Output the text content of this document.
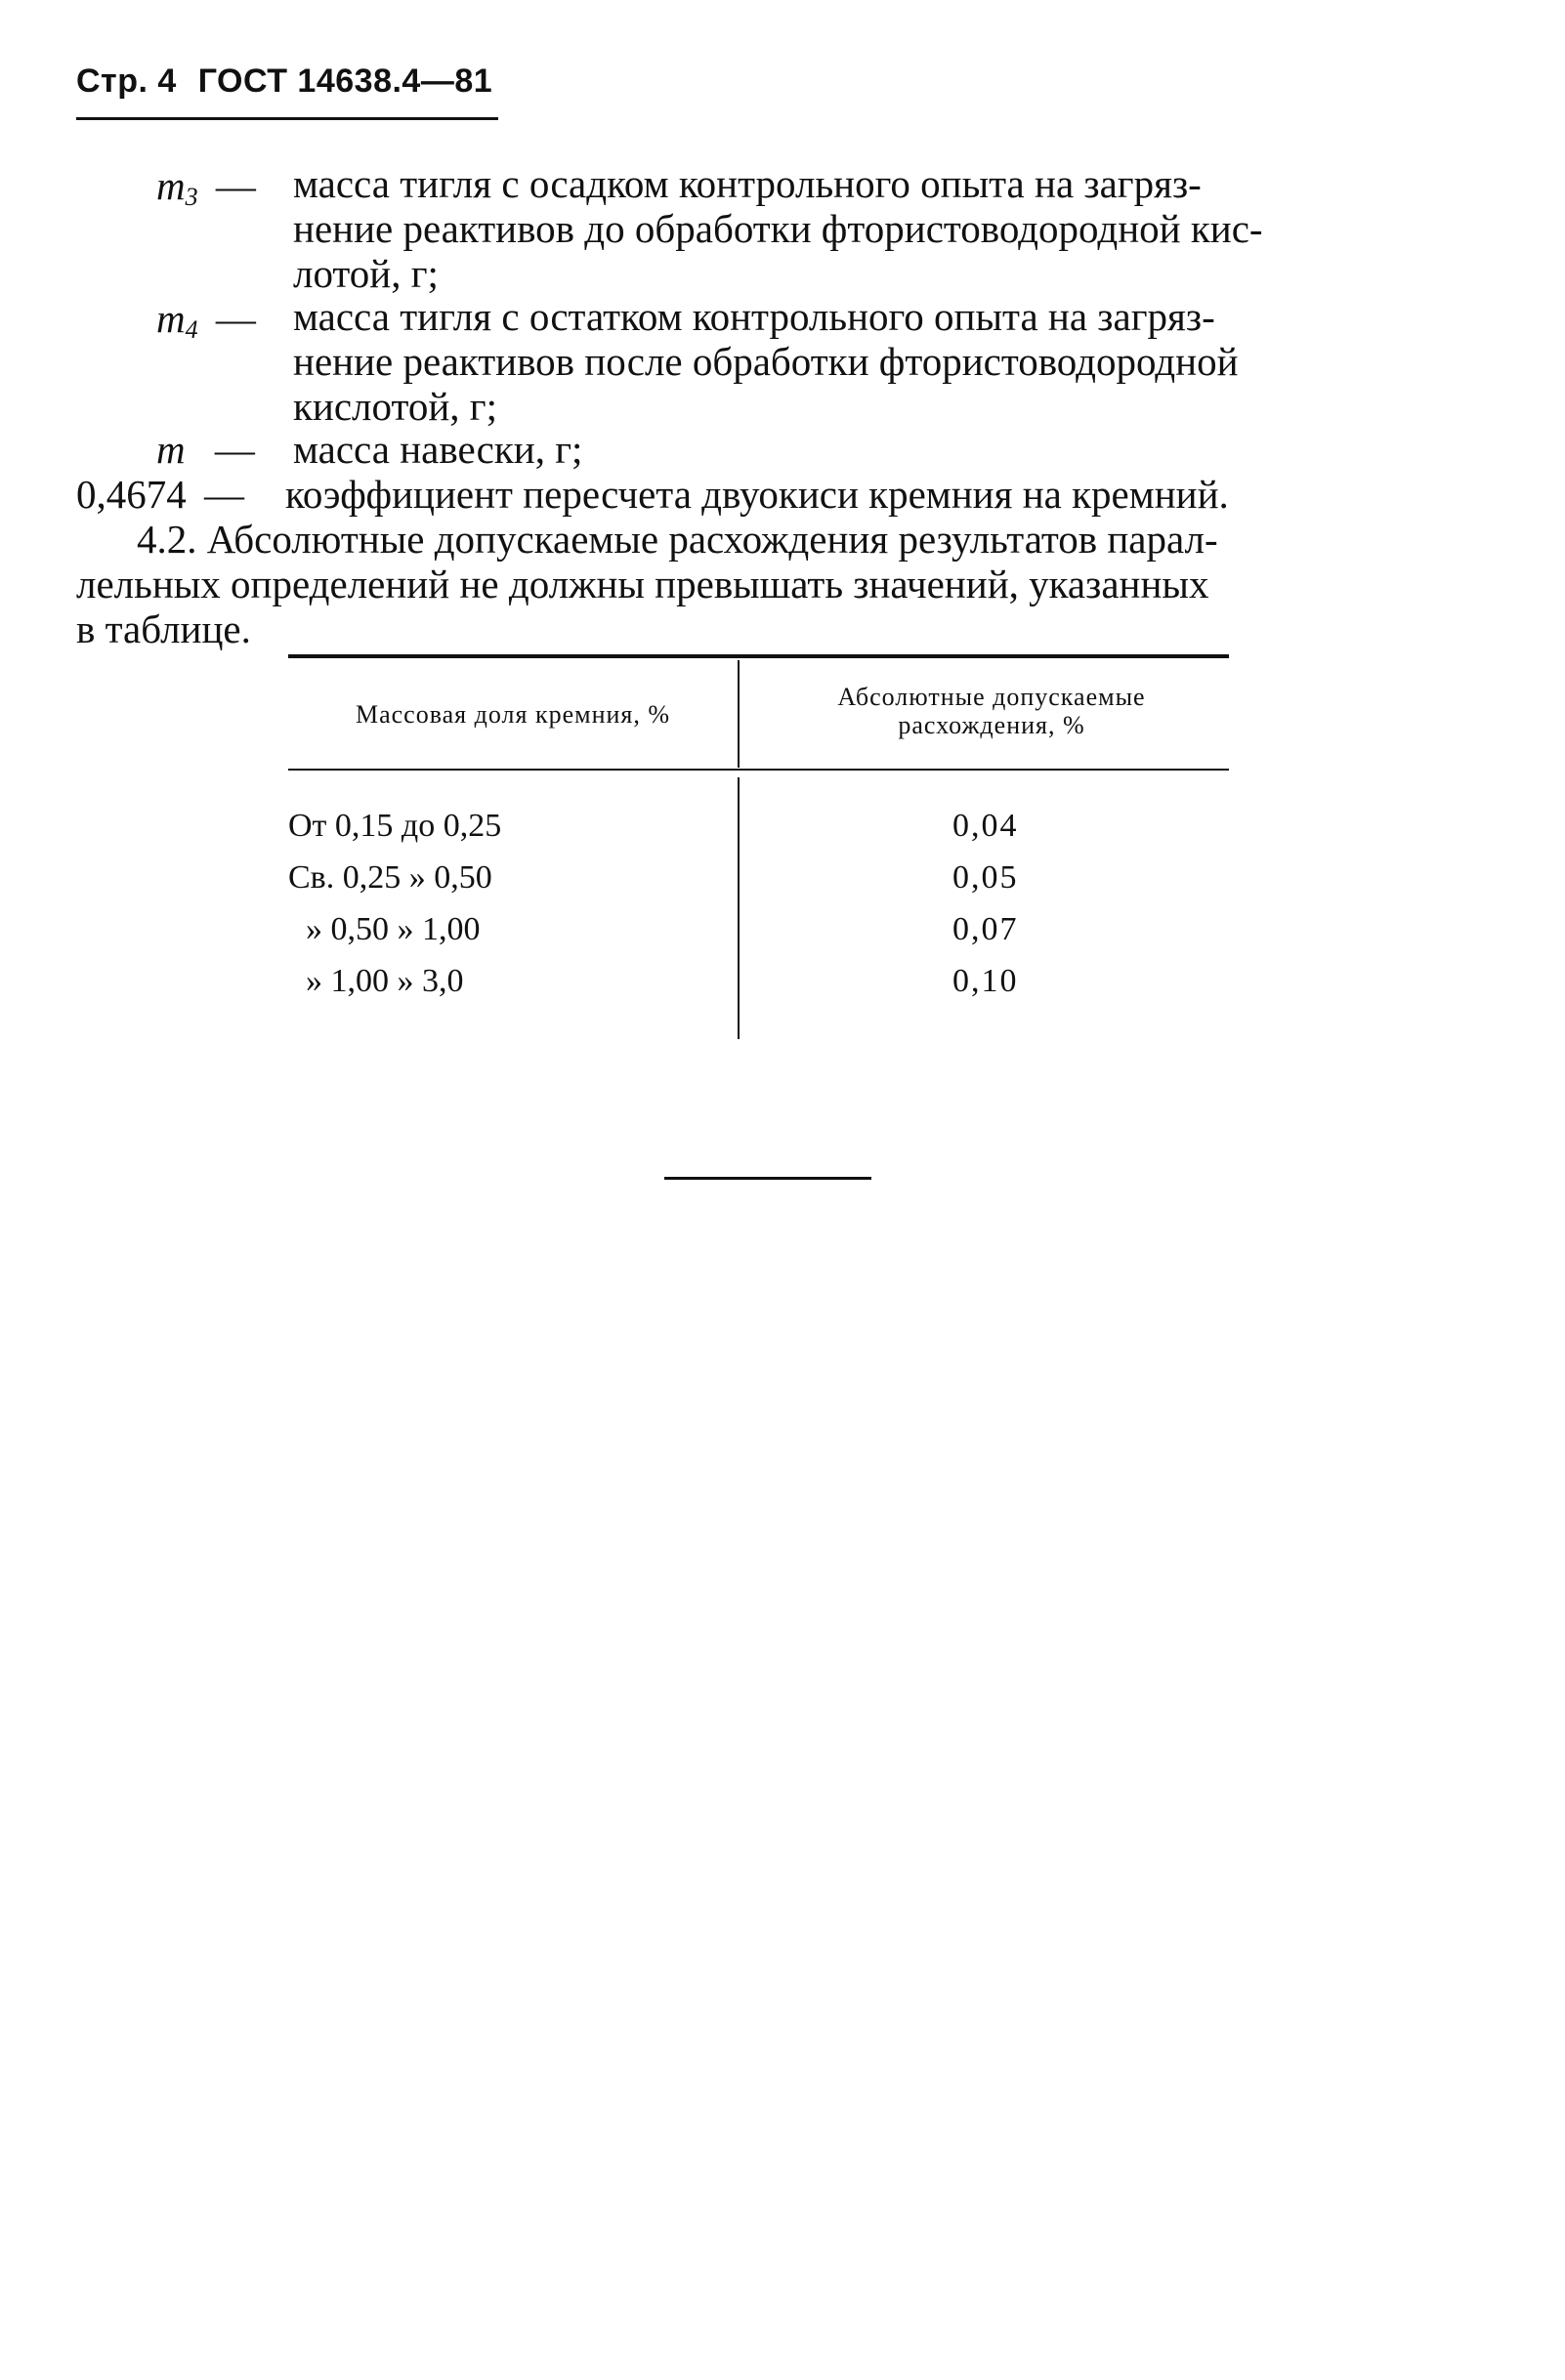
Стр. 4 ГОСТ 14638.4—81
$m_3$ — масса тигля с осадком контрольного опыта на загряз-
нение реактивов до обработки фтористоводородной кис-
лотой, г;
$m_4$ — масса тигля с остатком контрольного опыта на загряз-
нение реактивов после обработки фтористоводородной
кислотой, г;
m — масса навески, г;
0,4674 — коэффициент пересчета двуокиси кремния на кремний.
4.2. Абсолютные допускаемые расхождения результатов парал-
лельных определений не должны превышать значений, указанных
в таблице.
Массовая доля кремния, %
Абсолютные допускаемые расхождения, %
От 0,15 до 0,25	0,04
Св. 0,25 » 0,50	0,05
» 0,50 » 1,00	0,07
» 1,00 » 3,0	0,10
